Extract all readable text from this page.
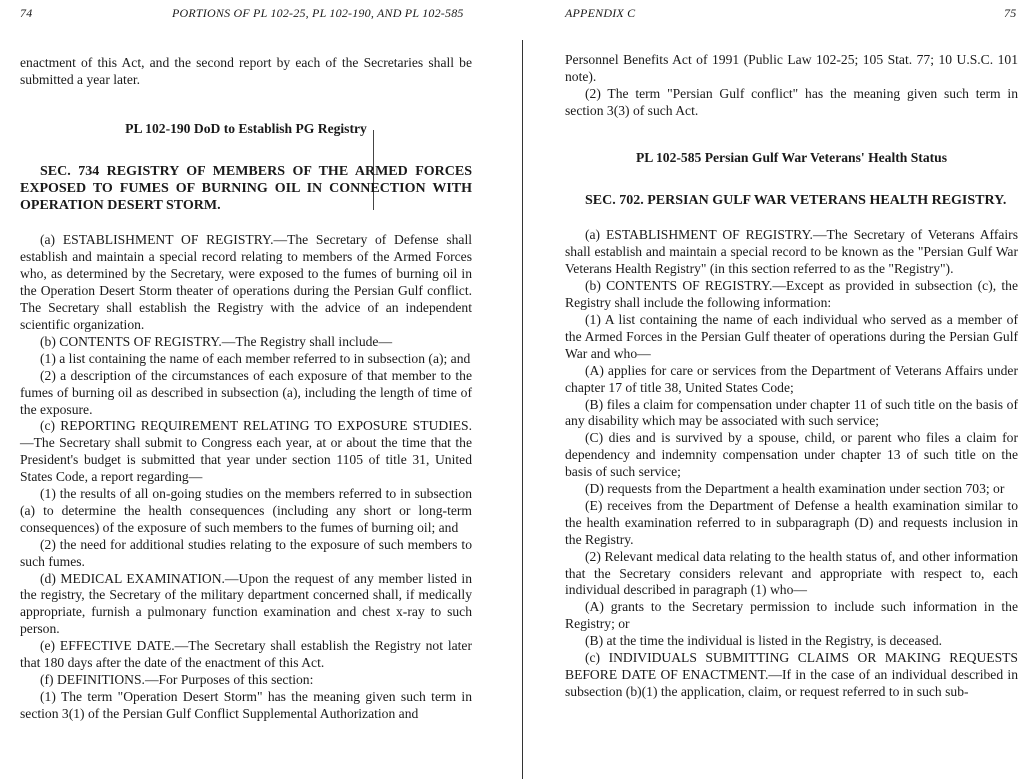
74	PORTIONS OF PL 102-25, PL 102-190, AND PL 102-585	APPENDIX C	75

enactment of this Act, and the second report by each of the Secretaries shall be submitted a year later.

PL 102-190 DoD to Establish PG Registry

SEC. 734 REGISTRY OF MEMBERS OF THE ARMED FORCES EXPOSED TO FUMES OF BURNING OIL IN CONNECTION WITH OPERATION DESERT STORM.

(a) ESTABLISHMENT OF REGISTRY.—The Secretary of Defense shall establish and maintain a special record relating to members of the Armed Forces who, as determined by the Secretary, were exposed to the fumes of burning oil in the Operation Desert Storm theater of operations during the Persian Gulf conflict. The Secretary shall establish the Registry with the advice of an independent scientific organization.

(b) CONTENTS OF REGISTRY.—The Registry shall include—

(1) a list containing the name of each member referred to in subsection (a); and

(2) a description of the circumstances of each exposure of that member to the fumes of burning oil as described in subsection (a), including the length of time of the exposure.

(c) REPORTING REQUIREMENT RELATING TO EXPOSURE STUDIES.—The Secretary shall submit to Congress each year, at or about the time that the President's budget is submitted that year under section 1105 of title 31, United States Code, a report regarding—

(1) the results of all on-going studies on the members referred to in subsection (a) to determine the health consequences (including any short or long-term consequences) of the exposure of such members to the fumes of burning oil; and

(2) the need for additional studies relating to the exposure of such members to such fumes.

(d) MEDICAL EXAMINATION.—Upon the request of any member listed in the registry, the Secretary of the military department concerned shall, if medically appropriate, furnish a pulmonary function examination and chest x-ray to such person.

(e) EFFECTIVE DATE.—The Secretary shall establish the Registry not later that 180 days after the date of the enactment of this Act.

(f) DEFINITIONS.—For Purposes of this section:

(1) The term "Operation Desert Storm" has the meaning given such term in section 3(1) of the Persian Gulf Conflict Supplemental Authorization and

Personnel Benefits Act of 1991 (Public Law 102-25; 105 Stat. 77; 10 U.S.C. 101 note).

(2) The term "Persian Gulf conflict" has the meaning given such term in section 3(3) of such Act.

PL 102-585 Persian Gulf War Veterans' Health Status

SEC. 702. PERSIAN GULF WAR VETERANS HEALTH REGISTRY.

(a) ESTABLISHMENT OF REGISTRY.—The Secretary of Veterans Affairs shall establish and maintain a special record to be known as the "Persian Gulf War Veterans Health Registry" (in this section referred to as the "Registry").

(b) CONTENTS OF REGISTRY.—Except as provided in subsection (c), the Registry shall include the following information:

(1) A list containing the name of each individual who served as a member of the Armed Forces in the Persian Gulf theater of operations during the Persian Gulf War and who—

(A) applies for care or services from the Department of Veterans Affairs under chapter 17 of title 38, United States Code;

(B) files a claim for compensation under chapter 11 of such title on the basis of any disability which may be associated with such service;

(C) dies and is survived by a spouse, child, or parent who files a claim for dependency and indemnity compensation under chapter 13 of such title on the basis of such service;

(D) requests from the Department a health examination under section 703; or

(E) receives from the Department of Defense a health examination similar to the health examination referred to in subparagraph (D) and requests inclusion in the Registry.

(2) Relevant medical data relating to the health status of, and other information that the Secretary considers relevant and appropriate with respect to, each individual described in paragraph (1) who—

(A) grants to the Secretary permission to include such information in the Registry; or

(B) at the time the individual is listed in the Registry, is deceased.

(c) INDIVIDUALS SUBMITTING CLAIMS OR MAKING REQUESTS BEFORE DATE OF ENACTMENT.—If in the case of an individual described in subsection (b)(1) the application, claim, or request referred to in such sub-
